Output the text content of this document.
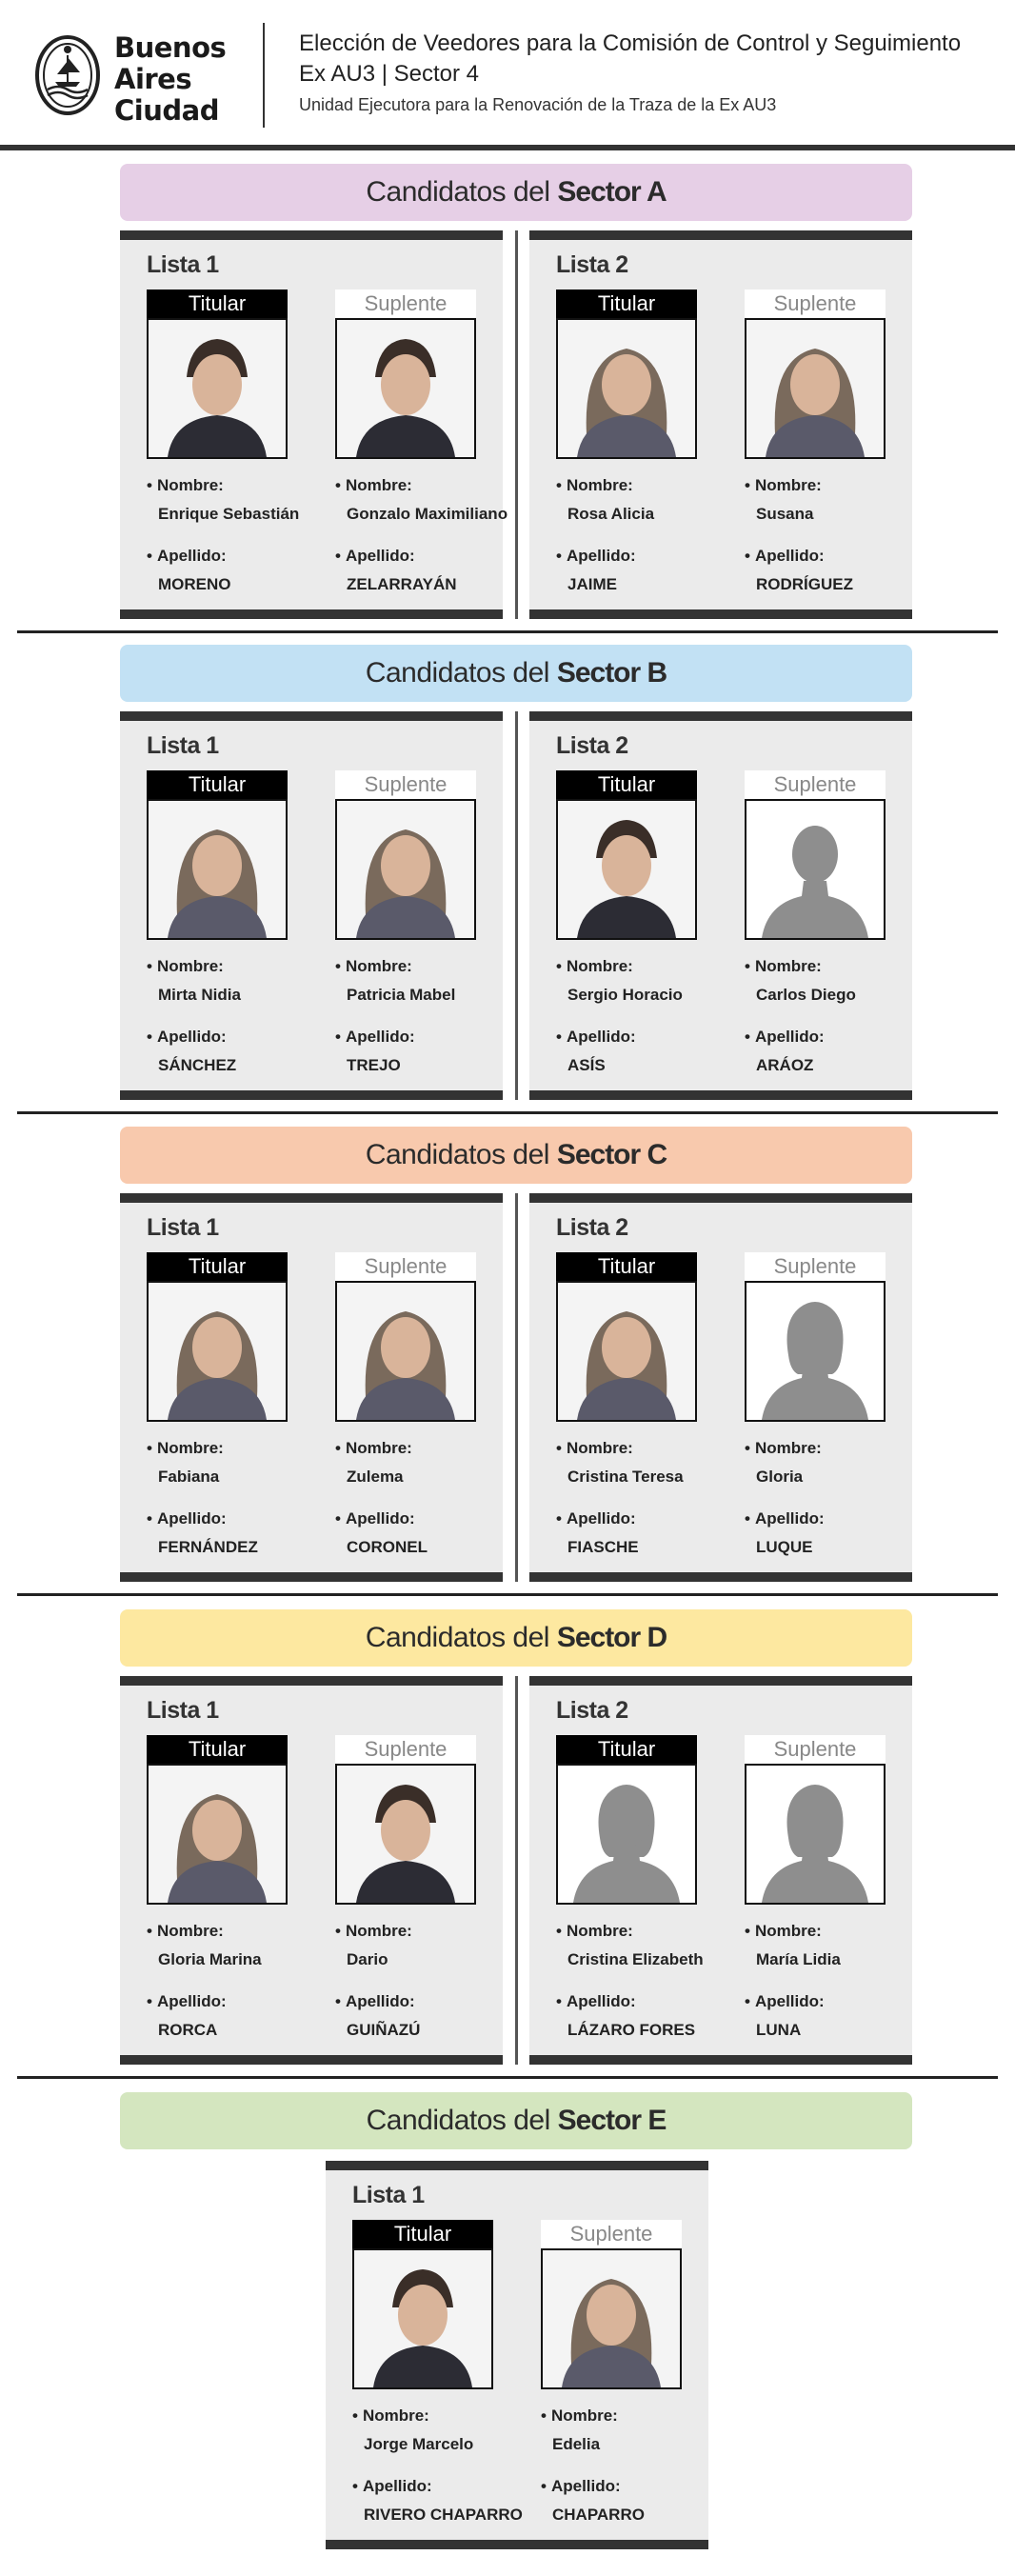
Buenos
Aires
Ciudad
Elección de Veedores para la Comisión de Control y Seguimiento
Ex AU3 | Sector 4
Unidad Ejecutora para la Renovación de la Traza de la Ex AU3
Candidatos del Sector A
Lista 1
Titular
• Nombre:
Enrique Sebastián
• Apellido:
MORENO
Suplente
• Nombre:
Gonzalo Maximiliano
• Apellido:
ZELARRAYÁN
Lista 2
Titular
• Nombre:
Rosa Alicia
• Apellido:
JAIME
Suplente
• Nombre:
Susana
• Apellido:
RODRÍGUEZ
Candidatos del Sector B
Lista 1
Titular
• Nombre:
Mirta Nidia
• Apellido:
SÁNCHEZ
Suplente
• Nombre:
Patricia Mabel
• Apellido:
TREJO
Lista 2
Titular
• Nombre:
Sergio Horacio
• Apellido:
ASÍS
Suplente
• Nombre:
Carlos Diego
• Apellido:
ARÁOZ
Candidatos del Sector C
Lista 1
Titular
• Nombre:
Fabiana
• Apellido:
FERNÁNDEZ
Suplente
• Nombre:
Zulema
• Apellido:
CORONEL
Lista 2
Titular
• Nombre:
Cristina Teresa
• Apellido:
FIASCHE
Suplente
• Nombre:
Gloria
• Apellido:
LUQUE
Candidatos del Sector D
Lista 1
Titular
• Nombre:
Gloria Marina
• Apellido:
RORCA
Suplente
• Nombre:
Dario
• Apellido:
GUIÑAZÚ
Lista 2
Titular
• Nombre:
Cristina Elizabeth
• Apellido:
LÁZARO FORES
Suplente
• Nombre:
María Lidia
• Apellido:
LUNA
Candidatos del Sector E
Lista 1
Titular
• Nombre:
Jorge Marcelo
• Apellido:
RIVERO CHAPARRO
Suplente
• Nombre:
Edelia
• Apellido:
CHAPARRO
